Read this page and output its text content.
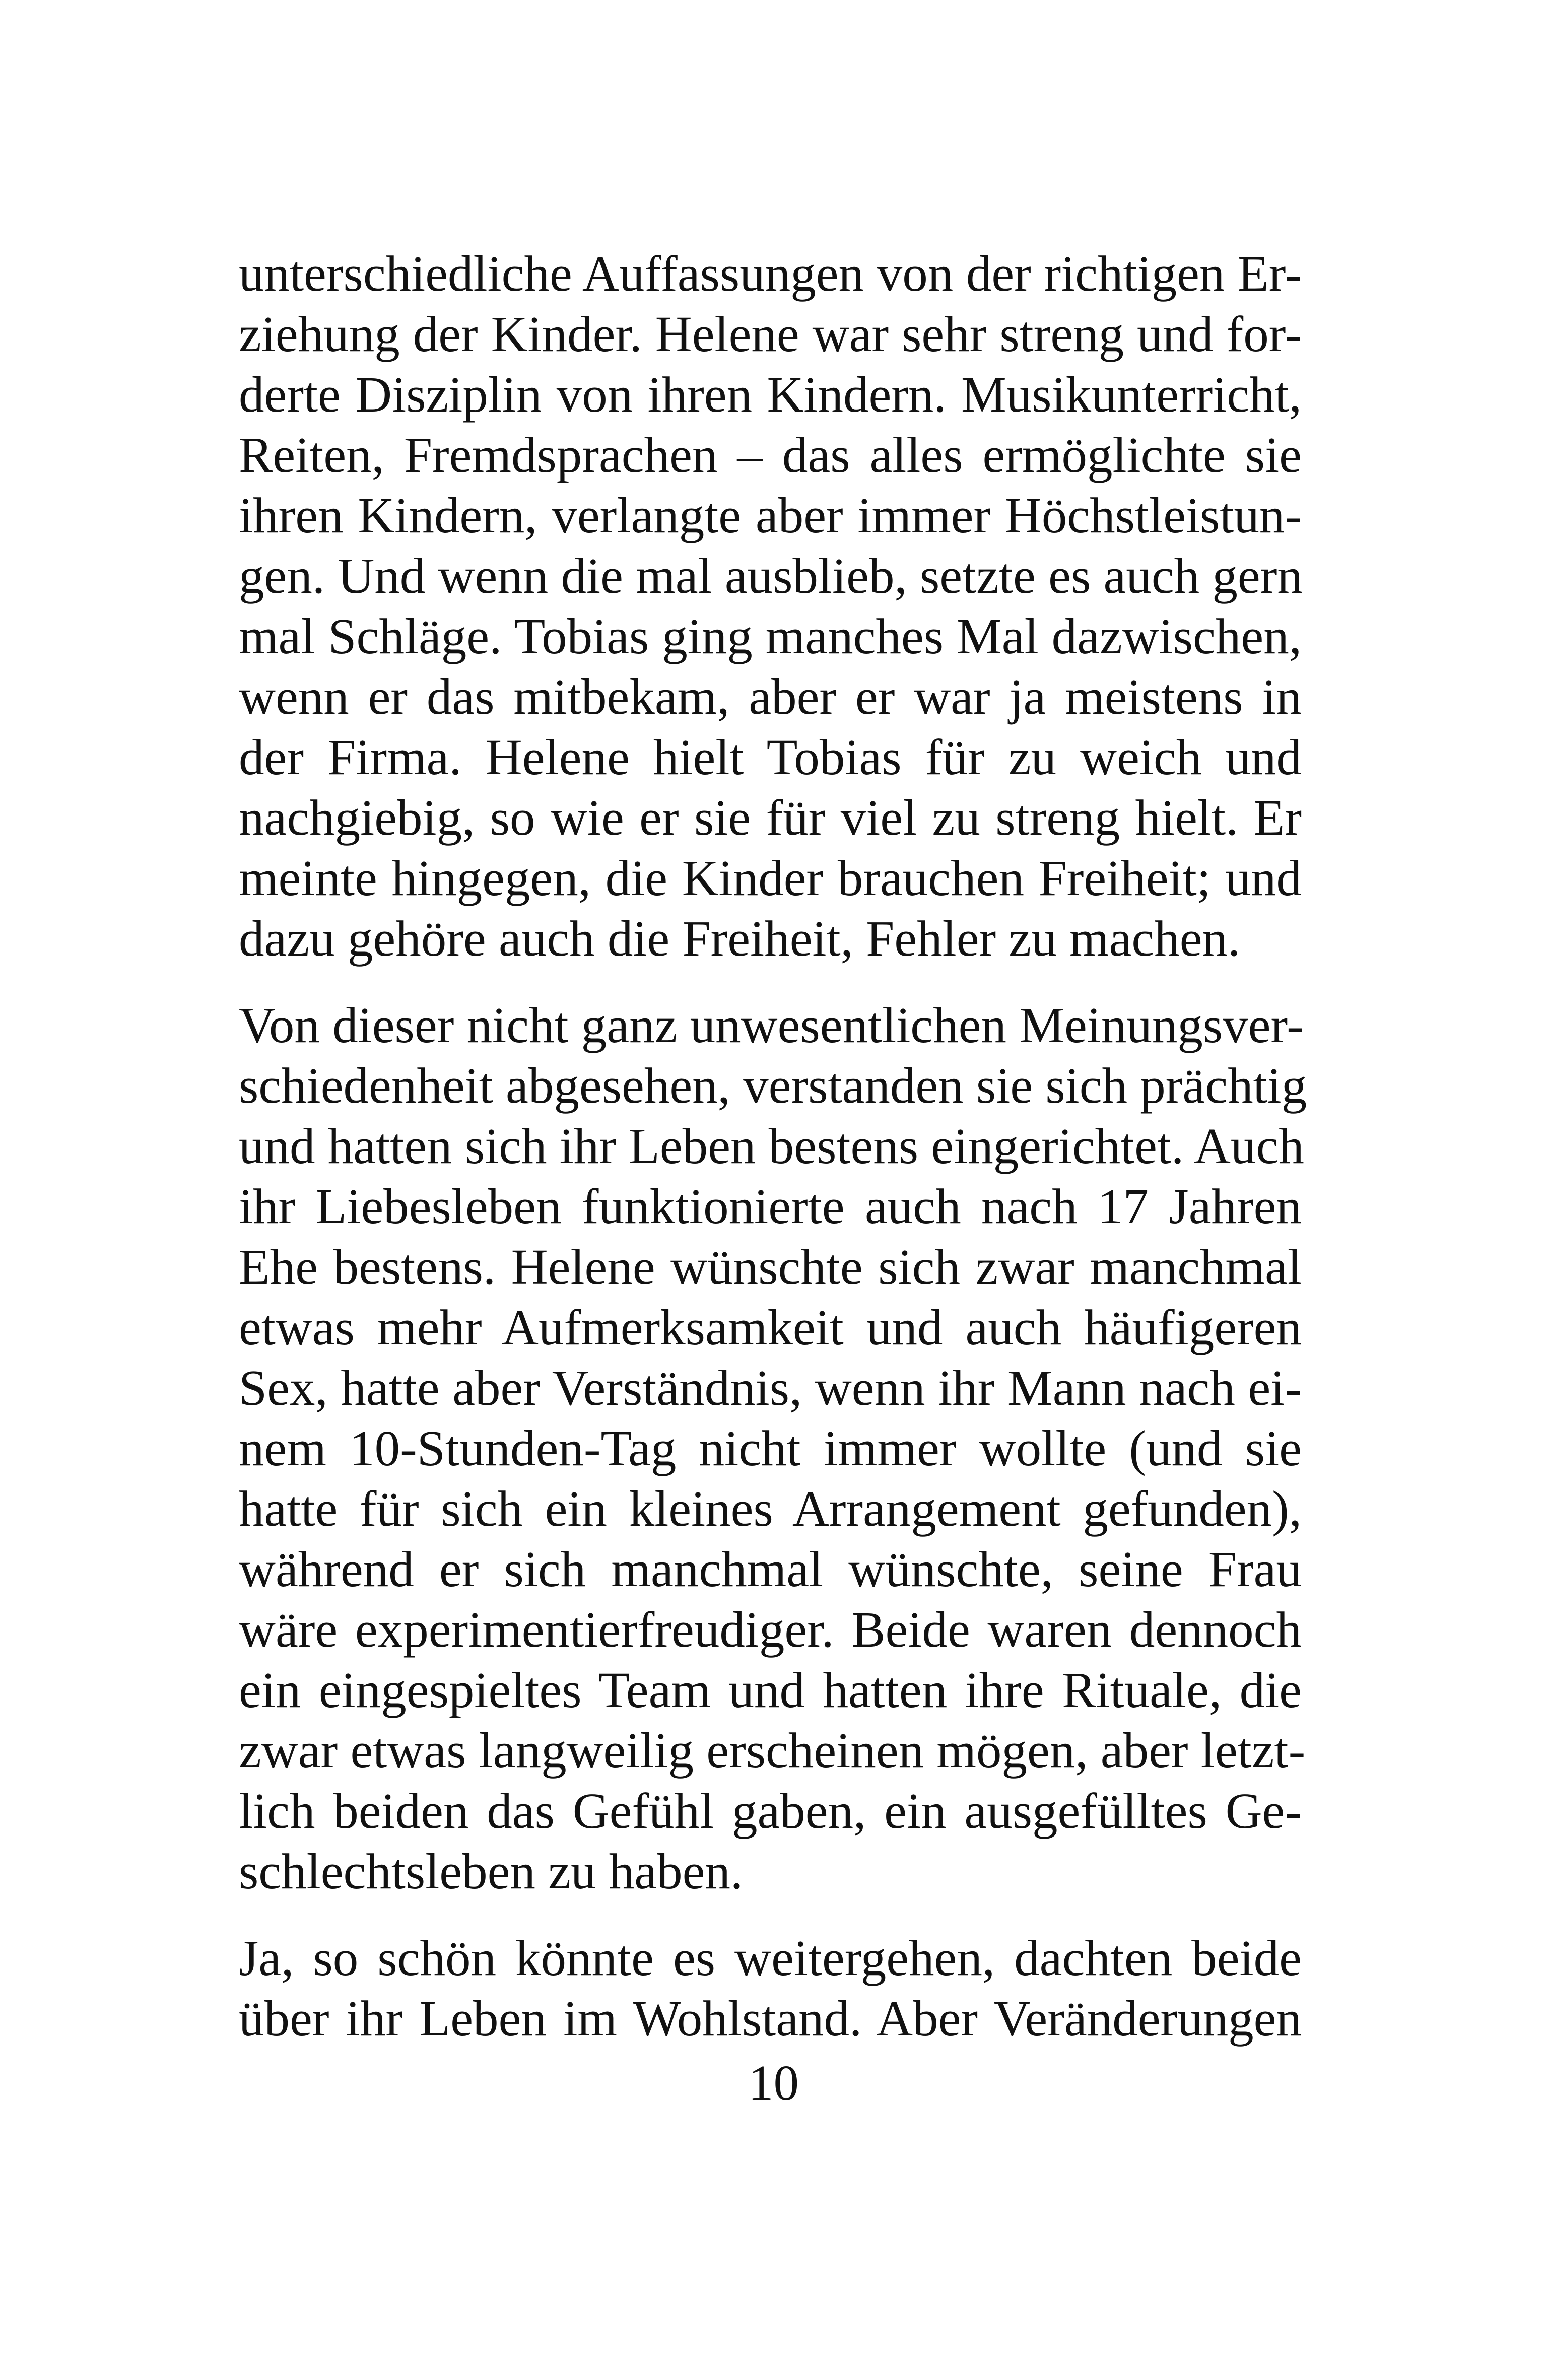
unterschiedliche Auffassungen von der richtigen Er-
ziehung der Kinder. Helene war sehr streng und for-
derte Disziplin von ihren Kindern. Musikunterricht,
Reiten, Fremdsprachen – das alles ermöglichte sie
ihren Kindern, verlangte aber immer Höchstleistun-
gen. Und wenn die mal ausblieb, setzte es auch gern
mal Schläge. Tobias ging manches Mal dazwischen,
wenn er das mitbekam, aber er war ja meistens in
der Firma. Helene hielt Tobias für zu weich und
nachgiebig, so wie er sie für viel zu streng hielt. Er
meinte hingegen, die Kinder brauchen Freiheit; und
dazu gehöre auch die Freiheit, Fehler zu machen.

Von dieser nicht ganz unwesentlichen Meinungsver-
schiedenheit abgesehen, verstanden sie sich prächtig
und hatten sich ihr Leben bestens eingerichtet. Auch
ihr Liebesleben funktionierte auch nach 17 Jahren
Ehe bestens. Helene wünschte sich zwar manchmal
etwas mehr Aufmerksamkeit und auch häufigeren
Sex, hatte aber Verständnis, wenn ihr Mann nach ei-
nem 10-Stunden-Tag nicht immer wollte (und sie
hatte für sich ein kleines Arrangement gefunden),
während er sich manchmal wünschte, seine Frau
wäre experimentierfreudiger. Beide waren dennoch
ein eingespieltes Team und hatten ihre Rituale, die
zwar etwas langweilig erscheinen mögen, aber letzt-
lich beiden das Gefühl gaben, ein ausgefülltes Ge-
schlechtsleben zu haben.

Ja, so schön könnte es weitergehen, dachten beide
über ihr Leben im Wohlstand. Aber Veränderungen

10
